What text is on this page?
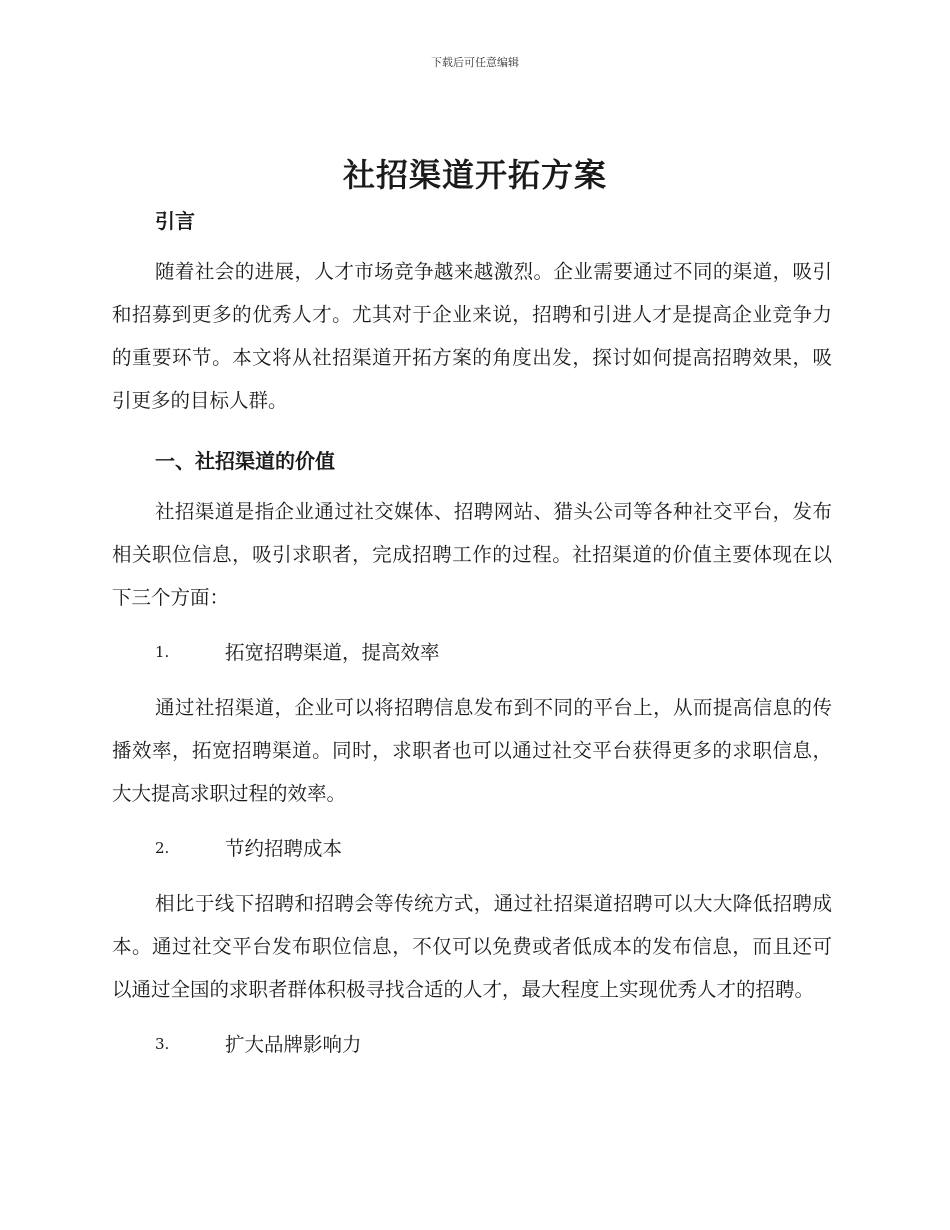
下载后可任意编辑
社招渠道开拓方案

引言

随着社会的进展，人才市场竞争越来越激烈。企业需要通过不同的渠道，吸引和招募到更多的优秀人才。尤其对于企业来说，招聘和引进人才是提高企业竞争力的重要环节。本文将从社招渠道开拓方案的角度出发，探讨如何提高招聘效果，吸引更多的目标人群。

一、社招渠道的价值

社招渠道是指企业通过社交媒体、招聘网站、猎头公司等各种社交平台，发布相关职位信息，吸引求职者，完成招聘工作的过程。社招渠道的价值主要体现在以下三个方面：

1.	拓宽招聘渠道，提高效率

通过社招渠道，企业可以将招聘信息发布到不同的平台上，从而提高信息的传播效率，拓宽招聘渠道。同时，求职者也可以通过社交平台获得更多的求职信息，大大提高求职过程的效率。

2.	节约招聘成本

相比于线下招聘和招聘会等传统方式，通过社招渠道招聘可以大大降低招聘成本。通过社交平台发布职位信息，不仅可以免费或者低成本的发布信息，而且还可以通过全国的求职者群体积极寻找合适的人才，最大程度上实现优秀人才的招聘。

3.	扩大品牌影响力
